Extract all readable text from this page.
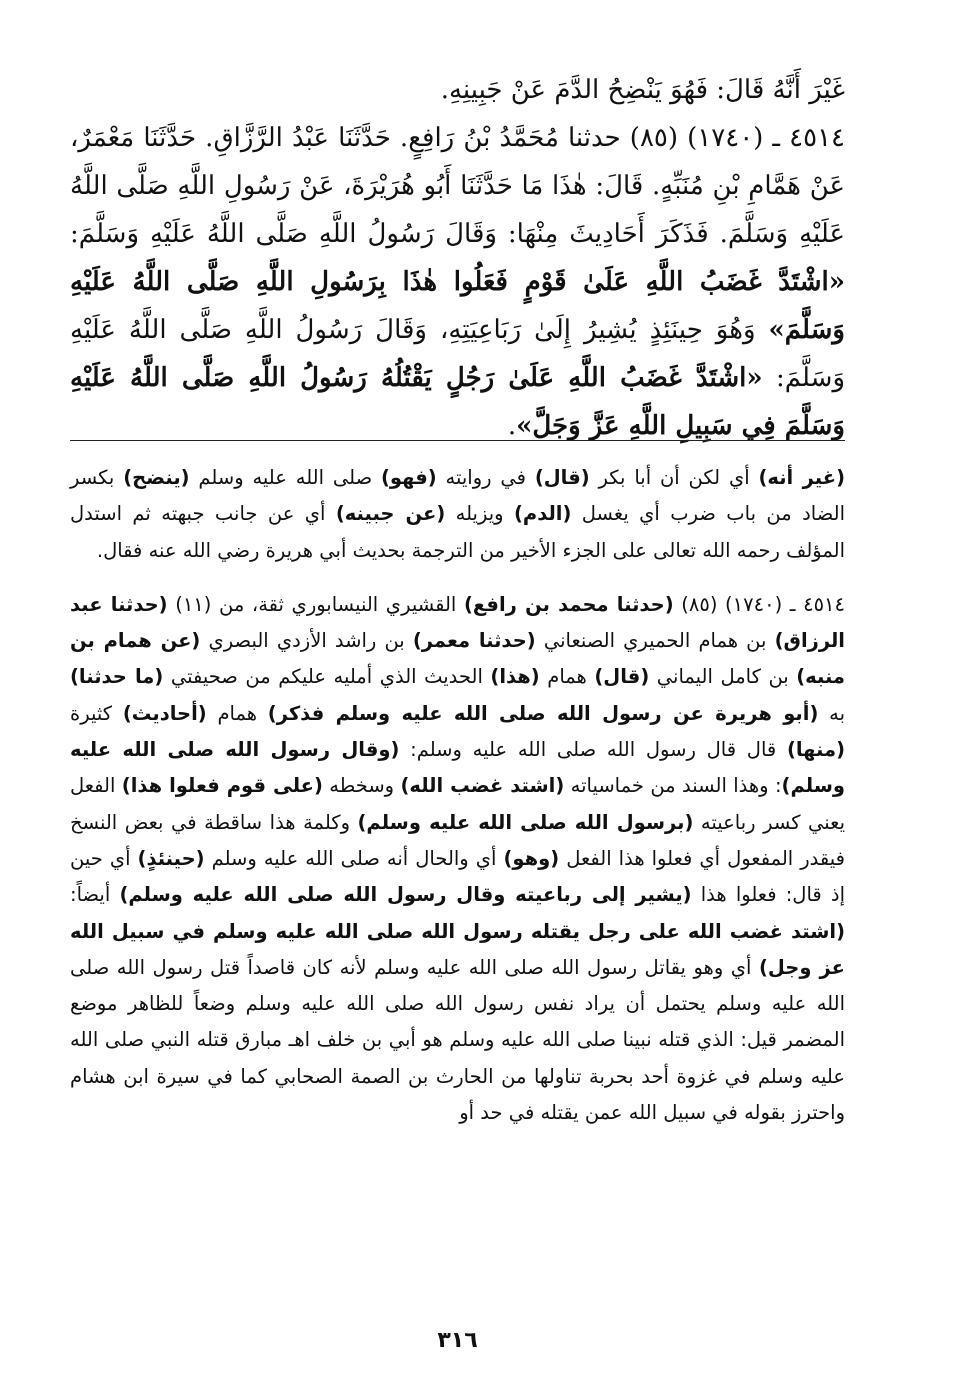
غَيْرَ أَنَّهُ قَالَ: فَهُوَ يَنْضِحُ الدَّمَ عَنْ جَبِينِهِ.

٤٥١٤ ـ (١٧٤٠) (٨٥) حدثنا مُحَمَّدُ بْنُ رَافِعٍ. حَدَّثَنَا عَبْدُ الرَّزَّاقِ. حَدَّثَنَا مَعْمَرٌ، عَنْ هَمَّامِ بْنِ مُنَبِّهٍ. قَالَ: هٰذَا مَا حَدَّثَنَا أَبُو هُرَيْرَةَ، عَنْ رَسُولِ اللَّهِ صَلَّى اللَّهُ عَلَيْهِ وَسَلَّمَ. فَذَكَرَ أَحَادِيثَ مِنْهَا: وَقَالَ رَسُولُ اللَّهِ صَلَّى اللَّهُ عَلَيْهِ وَسَلَّمَ: «اشْتَدَّ غَضَبُ اللَّهِ عَلَىٰ قَوْمٍ فَعَلُوا هٰذَا بِرَسُولِ اللَّهِ صَلَّى اللَّهُ عَلَيْهِ وَسَلَّمَ» وَهُوَ حِينَئِذٍ يُشِيرُ إِلَىٰ رَبَاعِيَتِهِ، وَقَالَ رَسُولُ اللَّهِ صَلَّى اللَّهُ عَلَيْهِ وَسَلَّمَ: «اشْتَدَّ غَضَبُ اللَّهِ عَلَىٰ رَجُلٍ يَقْتُلُهُ رَسُولُ اللَّهِ صَلَّى اللَّهُ عَلَيْهِ وَسَلَّمَ فِي سَبِيلِ اللَّهِ عَزَّ وَجَلَّ».

(غير أنه) أي لكن أن أبا بكر (قال) في روايته (فهو) صلى الله عليه وسلم (ينضح) بكسر الضاد من باب ضرب أي يغسل (الدم) ويزيله (عن جبينه) أي عن جانب جبهته ثم استدل المؤلف رحمه الله تعالى على الجزء الأخير من الترجمة بحديث أبي هريرة رضي الله عنه فقال.

٤٥١٤ ـ (١٧٤٠) (٨٥) (حدثنا محمد بن رافع) القشيري النيسابوري ثقة، من (١١) (حدثنا عبد الرزاق) بن همام الحميري الصنعاني (حدثنا معمر) بن راشد الأزدي البصري (عن همام بن منبه) بن كامل اليماني (قال) همام (هذا) الحديث الذي أمليه عليكم من صحيفتي (ما حدثنا) به (أبو هريرة عن رسول الله صلى الله عليه وسلم فذكر) همام (أحاديث) كثيرة (منها) قال قال رسول الله صلى الله عليه وسلم: (وقال رسول الله صلى الله عليه وسلم): وهذا السند من خماسياته (اشتد غضب الله) وسخطه (على قوم فعلوا هذا) الفعل يعني كسر رباعيته (برسول الله صلى الله عليه وسلم) وكلمة هذا ساقطة في بعض النسخ فيقدر المفعول أي فعلوا هذا الفعل (وهو) أي والحال أنه صلى الله عليه وسلم (حينئذٍ) أي حين إذ قال: فعلوا هذا (يشير إلى رباعيته وقال رسول الله صلى الله عليه وسلم) أيضاً: (اشتد غضب الله على رجل يقتله رسول الله صلى الله عليه وسلم في سبيل الله عز وجل) أي وهو يقاتل رسول الله صلى الله عليه وسلم لأنه كان قاصداً قتل رسول الله صلى الله عليه وسلم يحتمل أن يراد نفس رسول الله صلى الله عليه وسلم وضعاً للظاهر موضع المضمر قيل: الذي قتله نبينا صلى الله عليه وسلم هو أبي بن خلف اهـ مبارق قتله النبي صلى الله عليه وسلم في غزوة أحد بحربة تناولها من الحارث بن الصمة الصحابي كما في سيرة ابن هشام واحترز بقوله في سبيل الله عمن يقتله في حد أو

٣١٦
